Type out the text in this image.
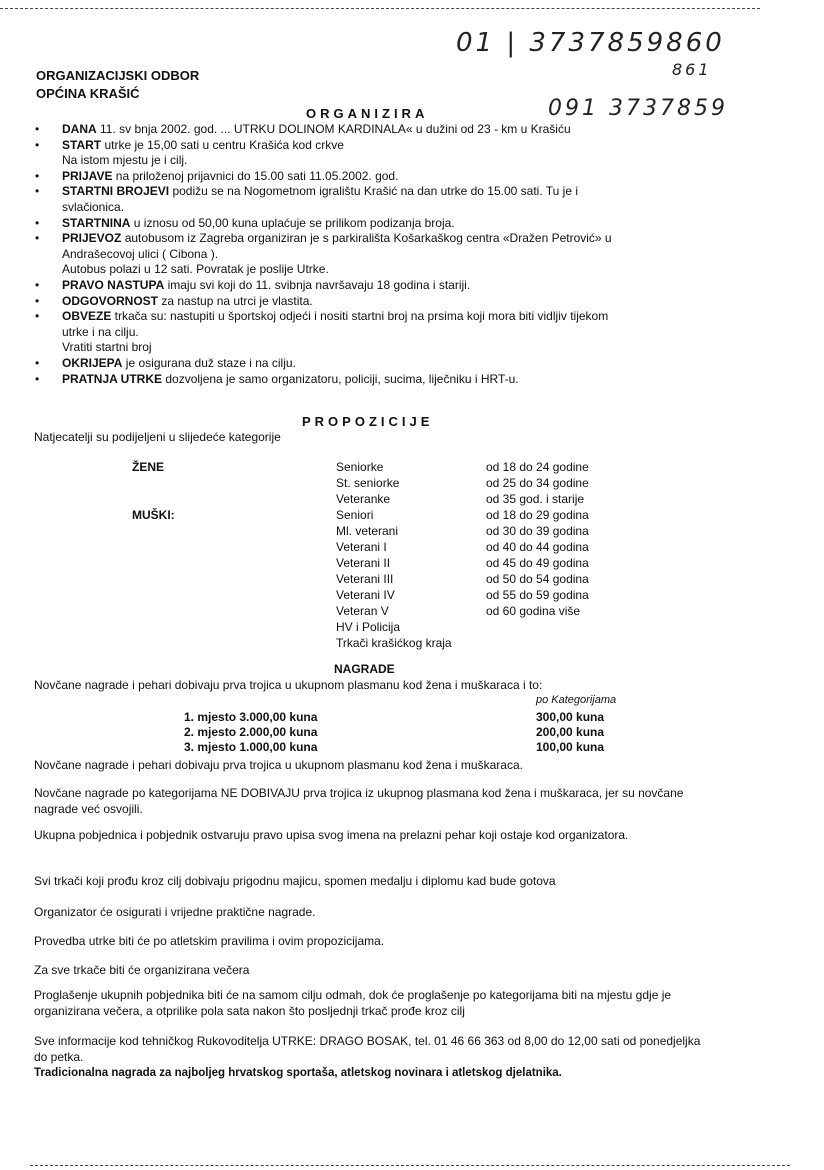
01 | 3737859860
861
091 3737859
ORGANIZACIJSKI ODBOR
OPĆINA KRAŠIĆ
ORGANIZIRA
PROPOZICIJE
Natjecatelji su podijeljeni u slijedeće kategorije
NAGRADE
Novčane nagrade i pehari dobivaju prva trojica u ukupnom plasmanu kod žena i muškaraca i to:
po Kategorijama
Novčane nagrade i pehari dobivaju prva trojica u ukupnom plasmanu kod žena i muškaraca.
Tradicionalna nagrada za najboljeg hrvatskog sportaša, atletskog novinara i atletskog djelatnika.
• DANA 11. sv bnja 2002. god. ... UTRKU DOLINOM KARDINALA« u dužini od 23 - km u Krašiću
• START utrke je 15,00 sati u centru Krašića kod crkve
Na istom mjestu je i cilj.
• PRIJAVE na priloženoj prijavnici do 15.00 sati 11.05.2002. god.
• STARTNI BROJEVI podižu se na Nogometnom igralištu Krašić na dan utrke do 15.00 sati. Tu je i
svlačionica.
• STARTNINA u iznosu od 50,00 kuna uplaćuje se prilikom podizanja broja.
• PRIJEVOZ autobusom iz Zagreba organiziran je s parkirališta Košarkaškog centra «Dražen Petrović» u
Andrašecovoj ulici ( Cibona ).
Autobus polazi u 12 sati. Povratak je poslije Utrke.
• PRAVO NASTUPA imaju svi koji do 11. svibnja navršavaju 18 godina i stariji.
• ODGOVORNOST za nastup na utrci je vlastita.
• OBVEZE trkača su: nastupiti u športskoj odjeći i nositi startni broj na prsima koji mora biti vidljiv tijekom
utrke i na cilju.
Vratiti startni broj
• OKRIJEPA je osigurana duž staze i na cilju.
• PRATNJA UTRKE dozvoljena je samo organizatoru, policiji, sucima, liječniku i HRT-u.
ŽENE	Seniorke	od 18 do 24 godine
St. seniorke	od 25 do 34 godine
Veteranke	od 35 god. i starije
MUŠKI:	Seniori	od 18 do 29 godina
Ml. veterani	od 30 do 39 godina
Veterani I	od 40 do 44 godina
Veterani II	od 45 do 49 godina
Veterani III	od 50 do 54 godina
Veterani IV	od 55 do 59 godina
Veteran V	od 60 godina više
HV i Policija
Trkači krašićkog kraja
1. mjesto 3.000,00 kuna	300,00 kuna
2. mjesto 2.000,00 kuna	200,00 kuna
3. mjesto 1.000,00 kuna	100,00 kuna
Novčane nagrade po kategorijama NE DOBIVAJU prva trojica iz ukupnog plasmana kod žena i muškaraca, jer su novčane nagrade već osvojili.
Ukupna pobjednica i pobjednik ostvaruju pravo upisa svog imena na prelazni pehar koji ostaje kod organizatora.
Svi trkači koji prođu kroz cilj dobivaju prigodnu majicu, spomen medalju i diplomu kad bude gotova
Organizator će osigurati i vrijedne praktične nagrade.
Provedba utrke biti će po atletskim pravilima i ovim propozicijama.
Za sve trkače biti će organizirana večera
Proglašenje ukupnih pobjednika biti će na samom cilju odmah, dok će proglašenje po kategorijama biti na mjestu gdje je organizirana večera, a otprilike pola sata nakon što posljednji trkač prođe kroz cilj
Sve informacije kod tehničkog Rukovoditelja UTRKE: DRAGO BOSAK, tel. 01 46 66 363 od 8,00 do 12,00 sati od ponedjeljka do petka.
